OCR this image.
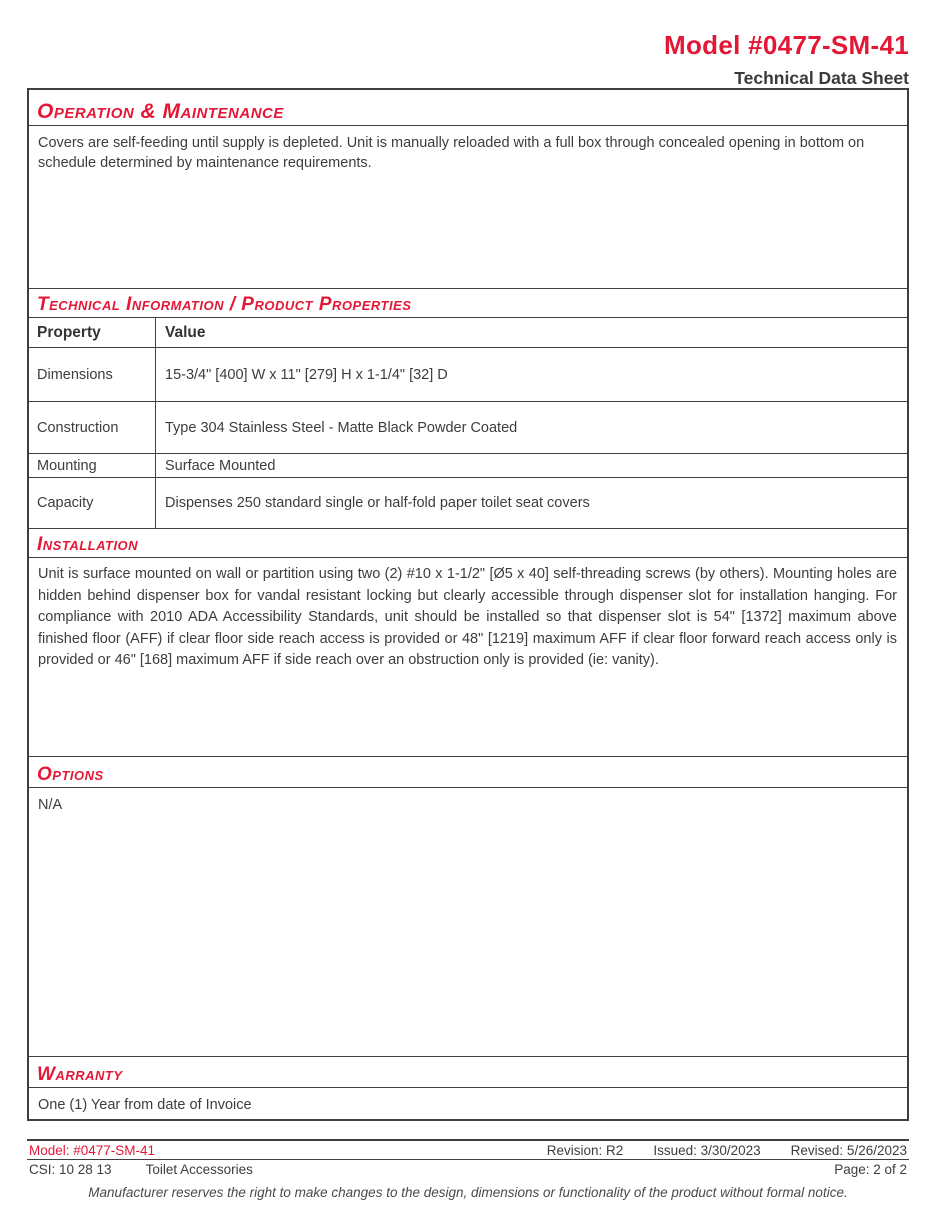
Model #0477-SM-41
Technical Data Sheet
Operation & Maintenance
Covers are self-feeding until supply is depleted. Unit is manually reloaded with a full box through concealed opening in bottom on schedule determined by maintenance requirements.
Technical Information / Product Properties
Property	Value
Dimensions	15-3/4" [400] W x 11" [279] H x 1-1/4" [32] D
Construction	Type 304 Stainless Steel - Matte Black Powder Coated
Mounting	Surface Mounted
Capacity	Dispenses 250 standard single or half-fold paper toilet seat covers
Installation
Unit is surface mounted on wall or partition using two (2) #10 x 1-1/2" [Ø5 x 40] self-threading screws (by others). Mounting holes are hidden behind dispenser box for vandal resistant locking but clearly accessible through dispenser slot for installation hanging. For compliance with 2010 ADA Accessibility Standards, unit should be installed so that dispenser slot is 54" [1372] maximum above finished floor (AFF) if clear floor side reach access is provided or 48" [1219] maximum AFF if clear floor forward reach access only is provided or 46" [168] maximum AFF if side reach over an obstruction only is provided (ie: vanity).
Options
N/A
Warranty
One (1) Year from date of Invoice
Model: #0477-SM-41	Revision: R2 Issued: 3/30/2023 Revised: 5/26/2023
CSI: 10 28 13	Toilet Accessories	Page: 2 of 2
Manufacturer reserves the right to make changes to the design, dimensions or functionality of the product without formal notice.
